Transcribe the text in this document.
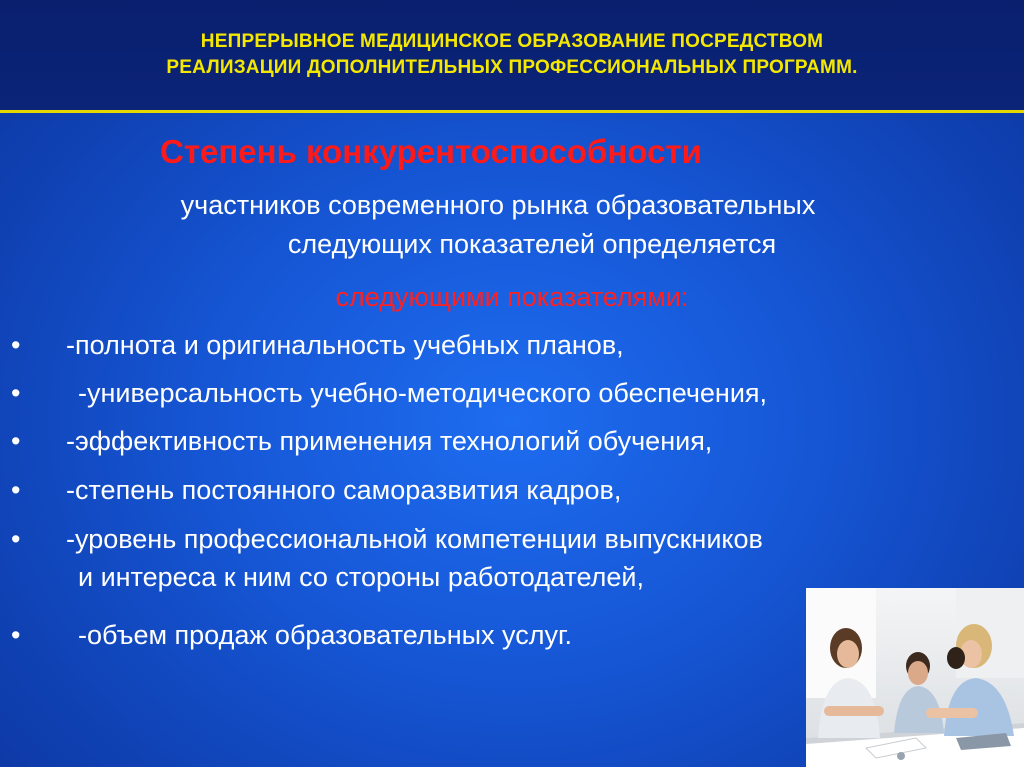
НЕПРЕРЫВНОЕ МЕДИЦИНСКОЕ ОБРАЗОВАНИЕ ПОСРЕДСТВОМ
РЕАЛИЗАЦИИ ДОПОЛНИТЕЛЬНЫХ ПРОФЕССИОНАЛЬНЫХ ПРОГРАММ.
Степень конкурентоспособности
участников современного рынка образовательных
следующих показателей определяется
следующими показателями:
• -полнота и оригинальность учебных планов,
• -универсальность учебно-методического обеспечения,
• -эффективность применения технологий обучения,
• -степень постоянного саморазвития кадров,
• -уровень профессиональной компетенции выпускников
и интереса к ним со стороны работодателей,
• -объем продаж образовательных услуг.
